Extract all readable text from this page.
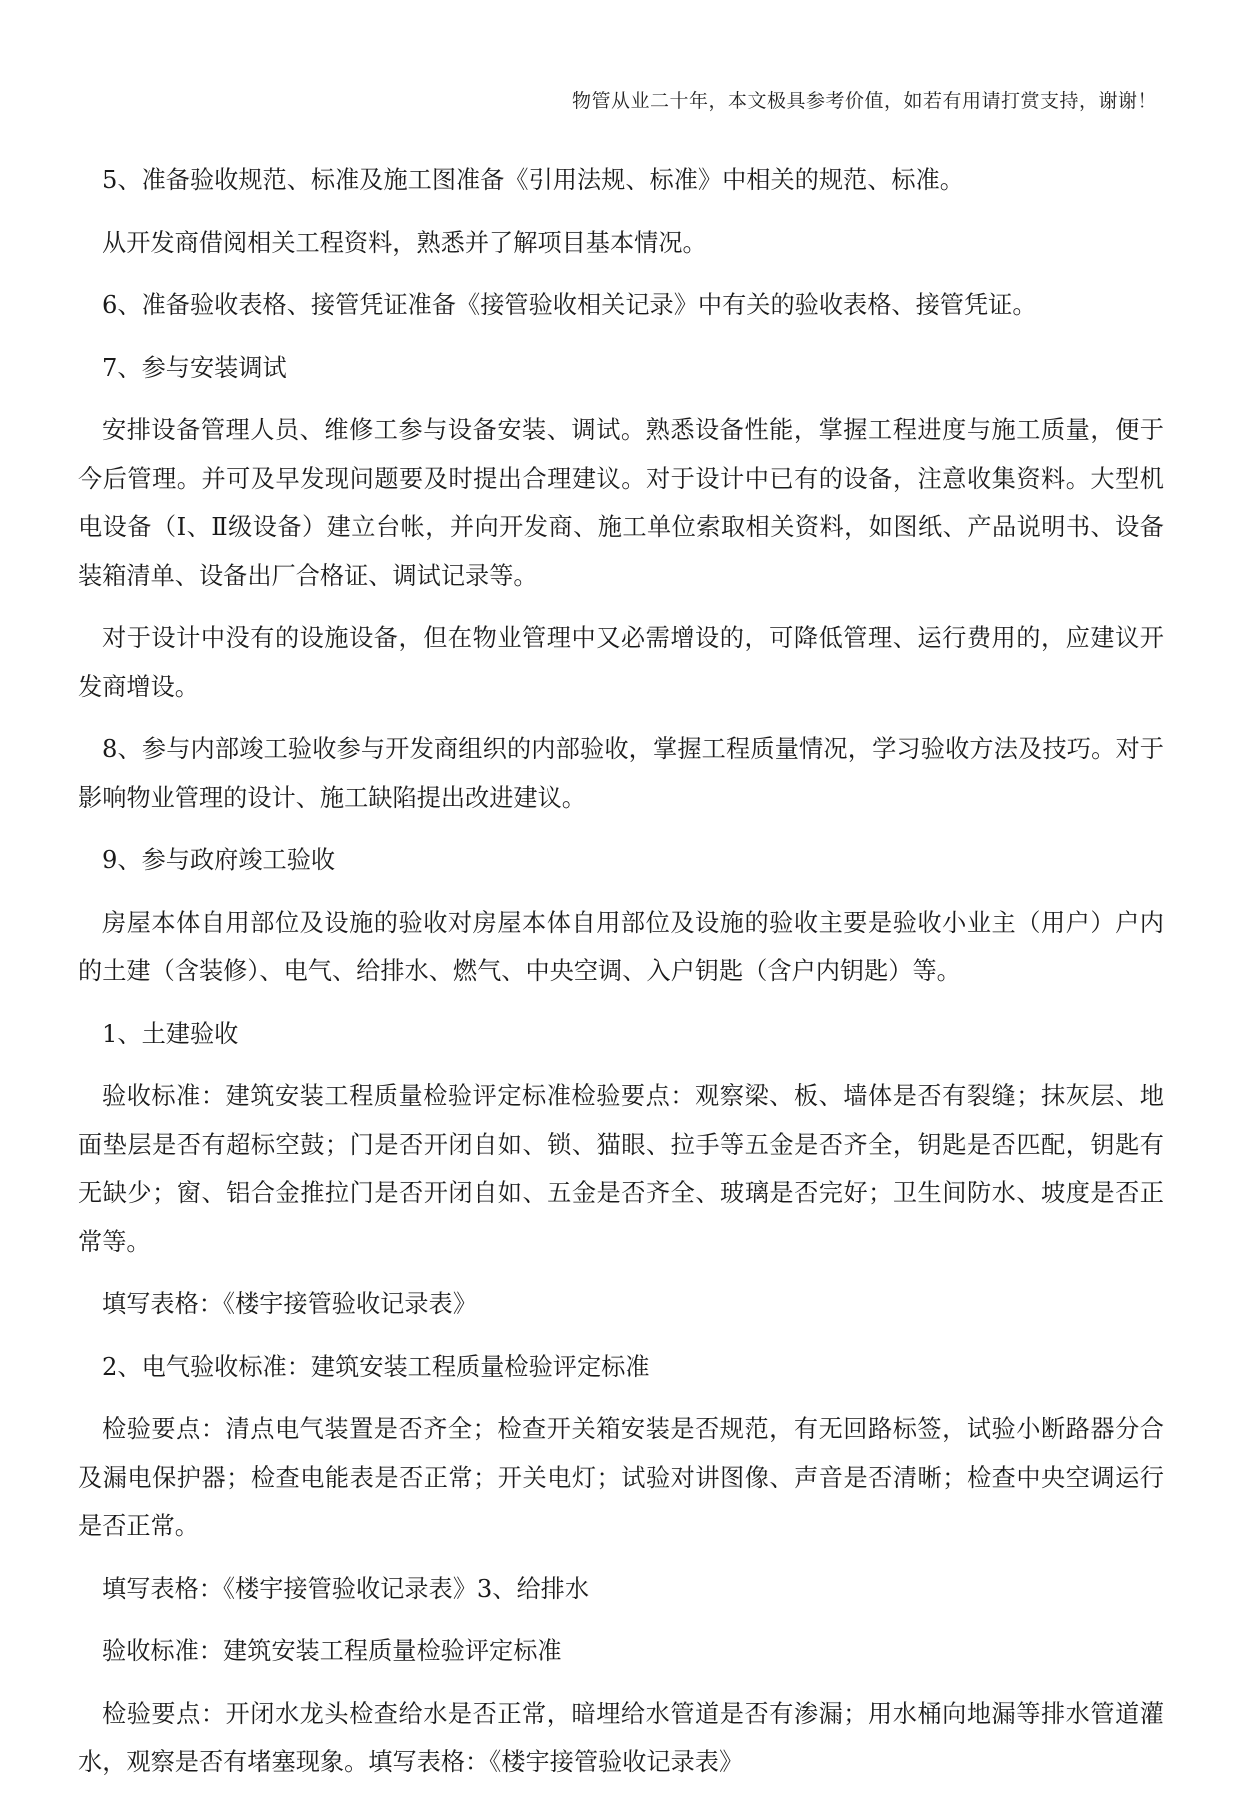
物管从业二十年，本文极具参考价值，如若有用请打赏支持，谢谢！

5、准备验收规范、标准及施工图准备《引用法规、标准》中相关的规范、标准。

从开发商借阅相关工程资料，熟悉并了解项目基本情况。

6、准备验收表格、接管凭证准备《接管验收相关记录》中有关的验收表格、接管凭证。

7、参与安装调试

安排设备管理人员、维修工参与设备安装、调试。熟悉设备性能，掌握工程进度与施工质量，便于今后管理。并可及早发现问题要及时提出合理建议。对于设计中已有的设备，注意收集资料。大型机电设备（Ⅰ、Ⅱ级设备）建立台帐，并向开发商、施工单位索取相关资料，如图纸、产品说明书、设备装箱清单、设备出厂合格证、调试记录等。

对于设计中没有的设施设备，但在物业管理中又必需增设的，可降低管理、运行费用的，应建议开发商增设。

8、参与内部竣工验收参与开发商组织的内部验收，掌握工程质量情况，学习验收方法及技巧。对于影响物业管理的设计、施工缺陷提出改进建议。

9、参与政府竣工验收

房屋本体自用部位及设施的验收对房屋本体自用部位及设施的验收主要是验收小业主（用户）户内的土建（含装修）、电气、给排水、燃气、中央空调、入户钥匙（含户内钥匙）等。

1、土建验收

验收标准：建筑安装工程质量检验评定标准检验要点：观察梁、板、墙体是否有裂缝；抹灰层、地面垫层是否有超标空鼓；门是否开闭自如、锁、猫眼、拉手等五金是否齐全，钥匙是否匹配，钥匙有无缺少；窗、铝合金推拉门是否开闭自如、五金是否齐全、玻璃是否完好；卫生间防水、坡度是否正常等。

填写表格：《楼宇接管验收记录表》

2、电气验收标准：建筑安装工程质量检验评定标准

检验要点：清点电气装置是否齐全；检查开关箱安装是否规范，有无回路标签，试验小断路器分合及漏电保护器；检查电能表是否正常；开关电灯；试验对讲图像、声音是否清晰；检查中央空调运行是否正常。

填写表格：《楼宇接管验收记录表》3、给排水

验收标准：建筑安装工程质量检验评定标准

检验要点：开闭水龙头检查给水是否正常，暗埋给水管道是否有渗漏；用水桶向地漏等排水管道灌水，观察是否有堵塞现象。填写表格：《楼宇接管验收记录表》
